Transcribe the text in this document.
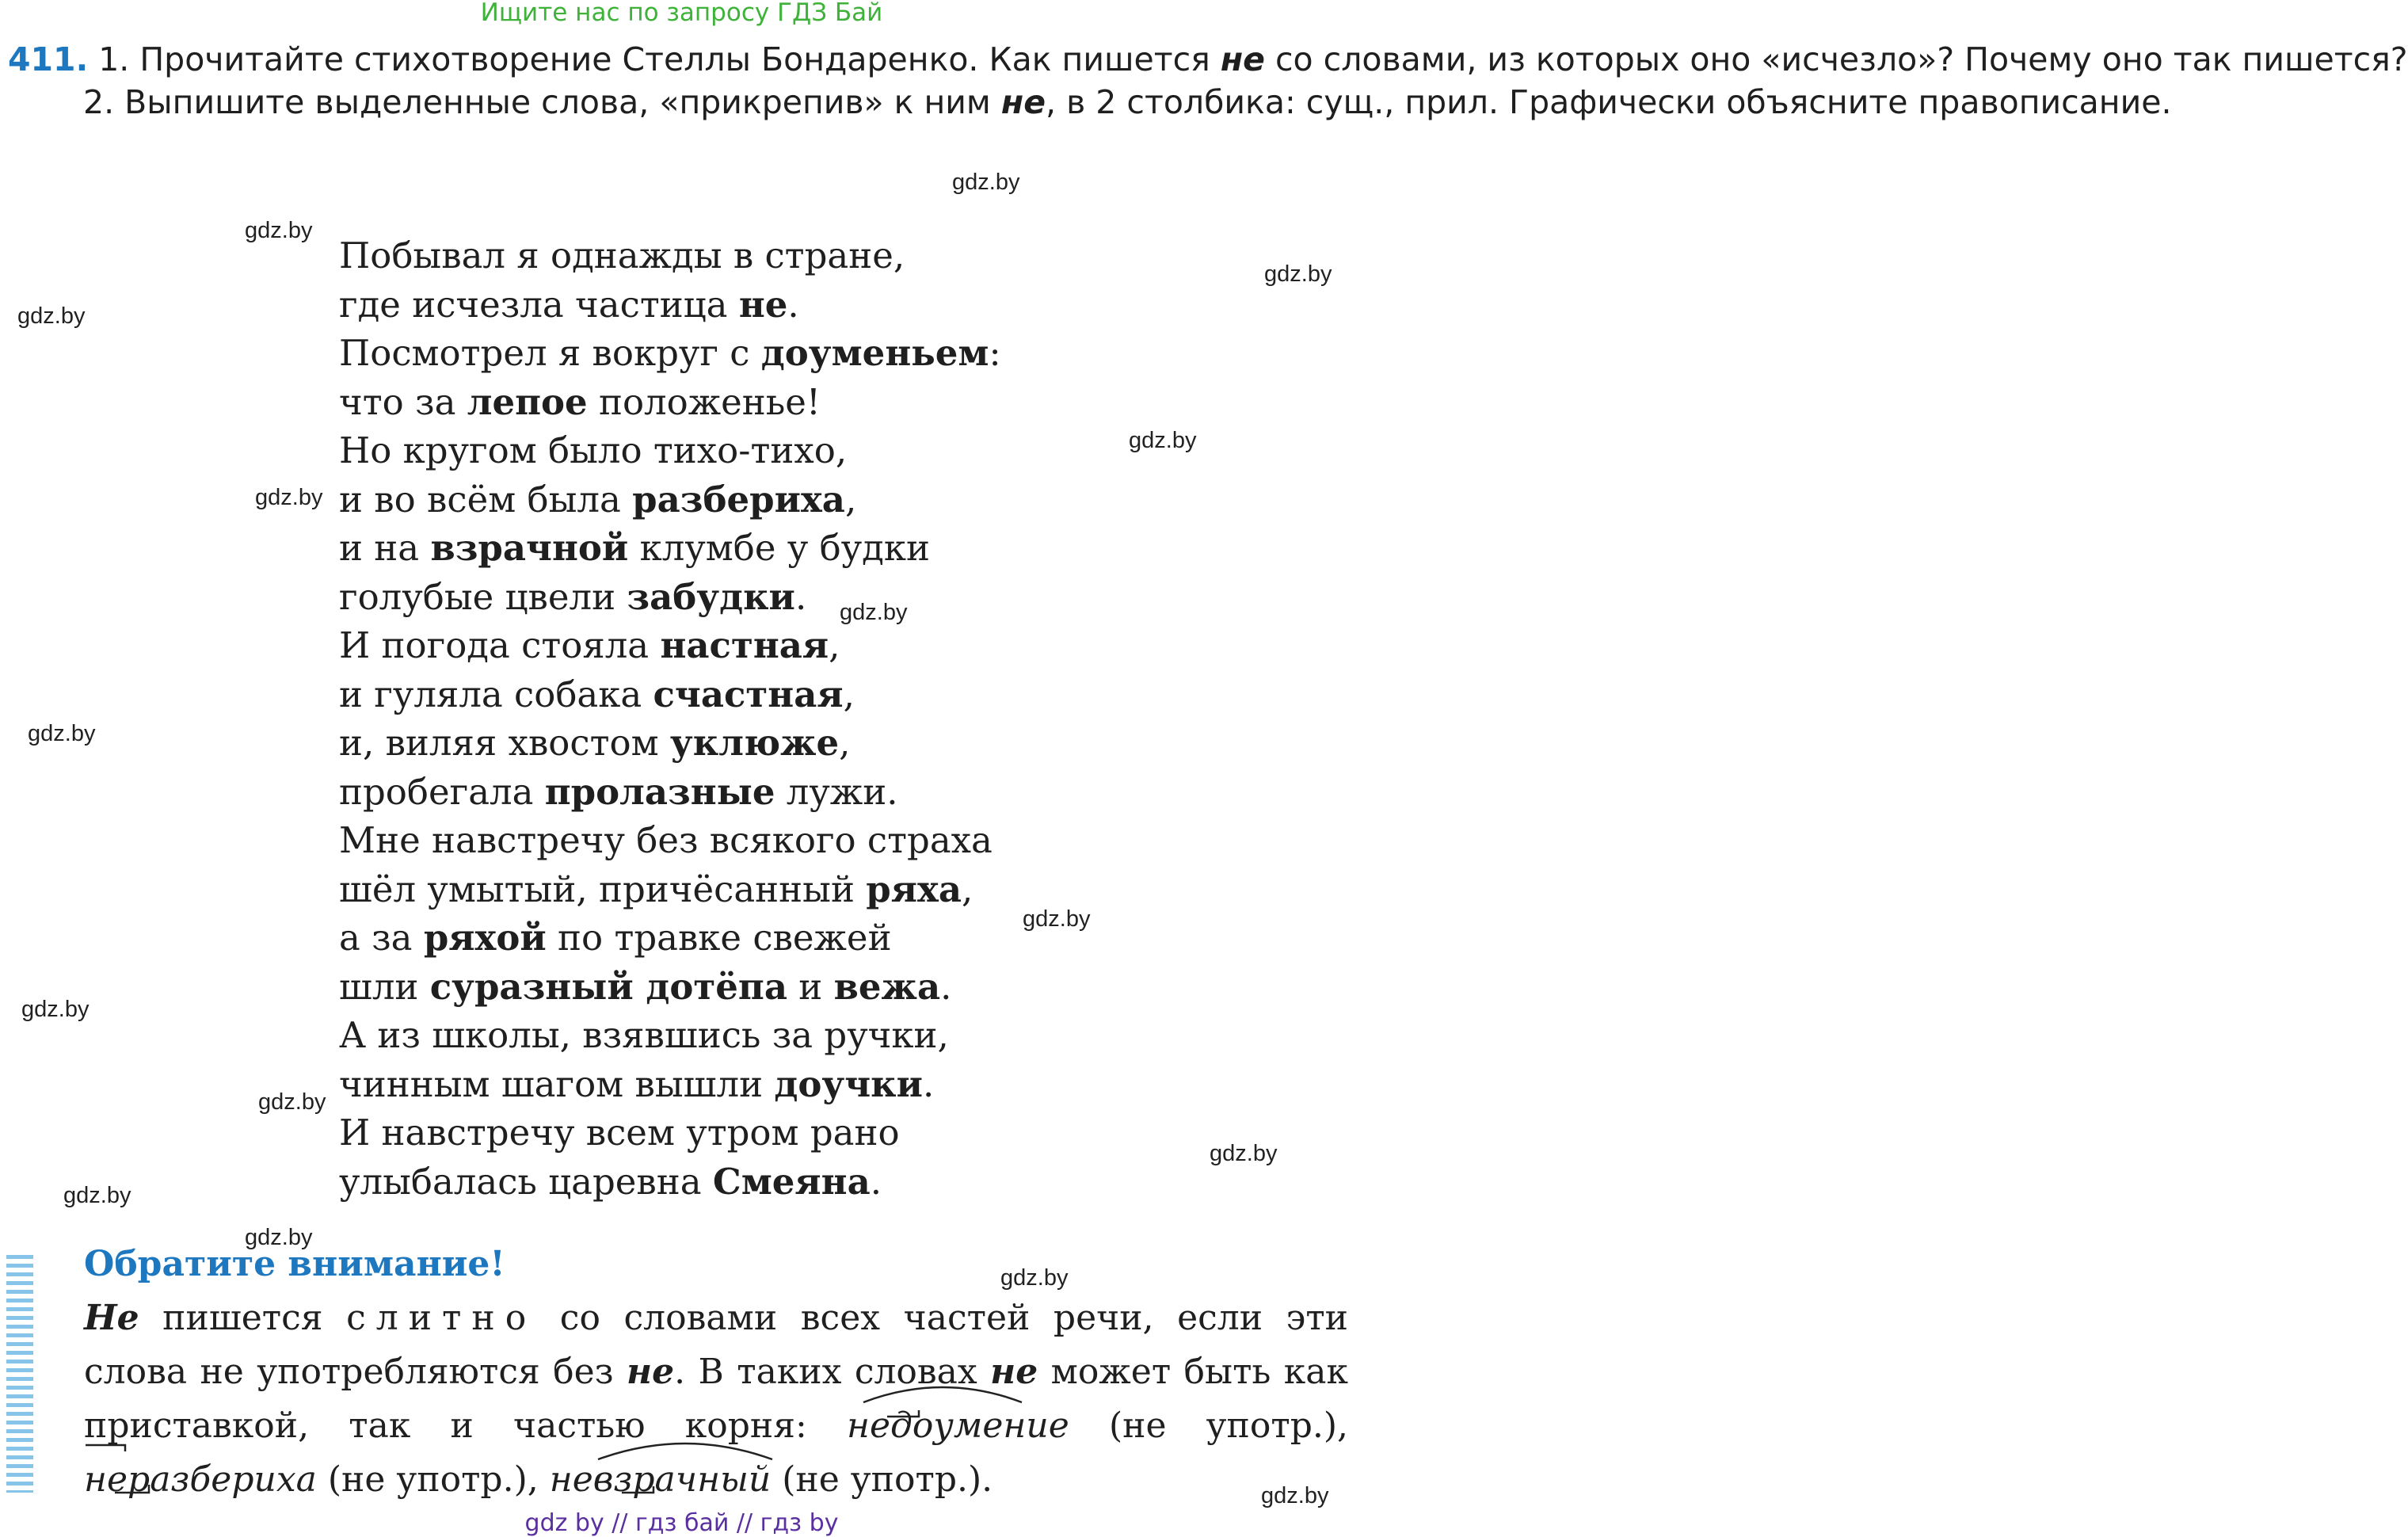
Ищите нас по запросу ГДЗ Бай

411. 1. Прочитайте стихотворение Стеллы Бондаренко. Как пишется не со словами, из которых оно «исчезло»? Почему оно так пишется?

2. Выпишите выделенные слова, «прикрепив» к ним не, в 2 столбика: сущ., прил. Графически объясните правописание.

Побывал я однажды в стране,
где исчезла частица не.
Посмотрел я вокруг с доуменьем:
что за лепое положенье!
Но кругом было тихо-тихо,
и во всём была разбериха,
и на взрачной клумбе у будки
голубые цвели забудки.
И погода стояла настная,
и гуляла собака счастная,
и, виляя хвостом уклюже,
пробегала пролазные лужи.
Мне навстречу без всякого страха
шёл умытый, причёсанный ряха,
а за ряхой по травке свежей
шли суразный дотёпа и вежа.
А из школы, взявшись за ручки,
чинным шагом вышли доучки.
И навстречу всем утром рано
улыбалась царевна Смеяна.
gdz.by
gdz.by
gdz.by
gdz.by
gdz.by
gdz.by
gdz.by
gdz.by
gdz.by
gdz.by
gdz.by
gdz.by
gdz.by
gdz.by
gdz.by
gdz.by
Обратите внимание!

Не пишется слитно со словами всех частей речи, если эти слова не употребляются без не. В таких словах не может быть как приставкой, так и частью корня: недоумение (не употр.), неразбериха (не употр.), невзрачный (не употр.).

gdz by // гдз бай // гдз by
